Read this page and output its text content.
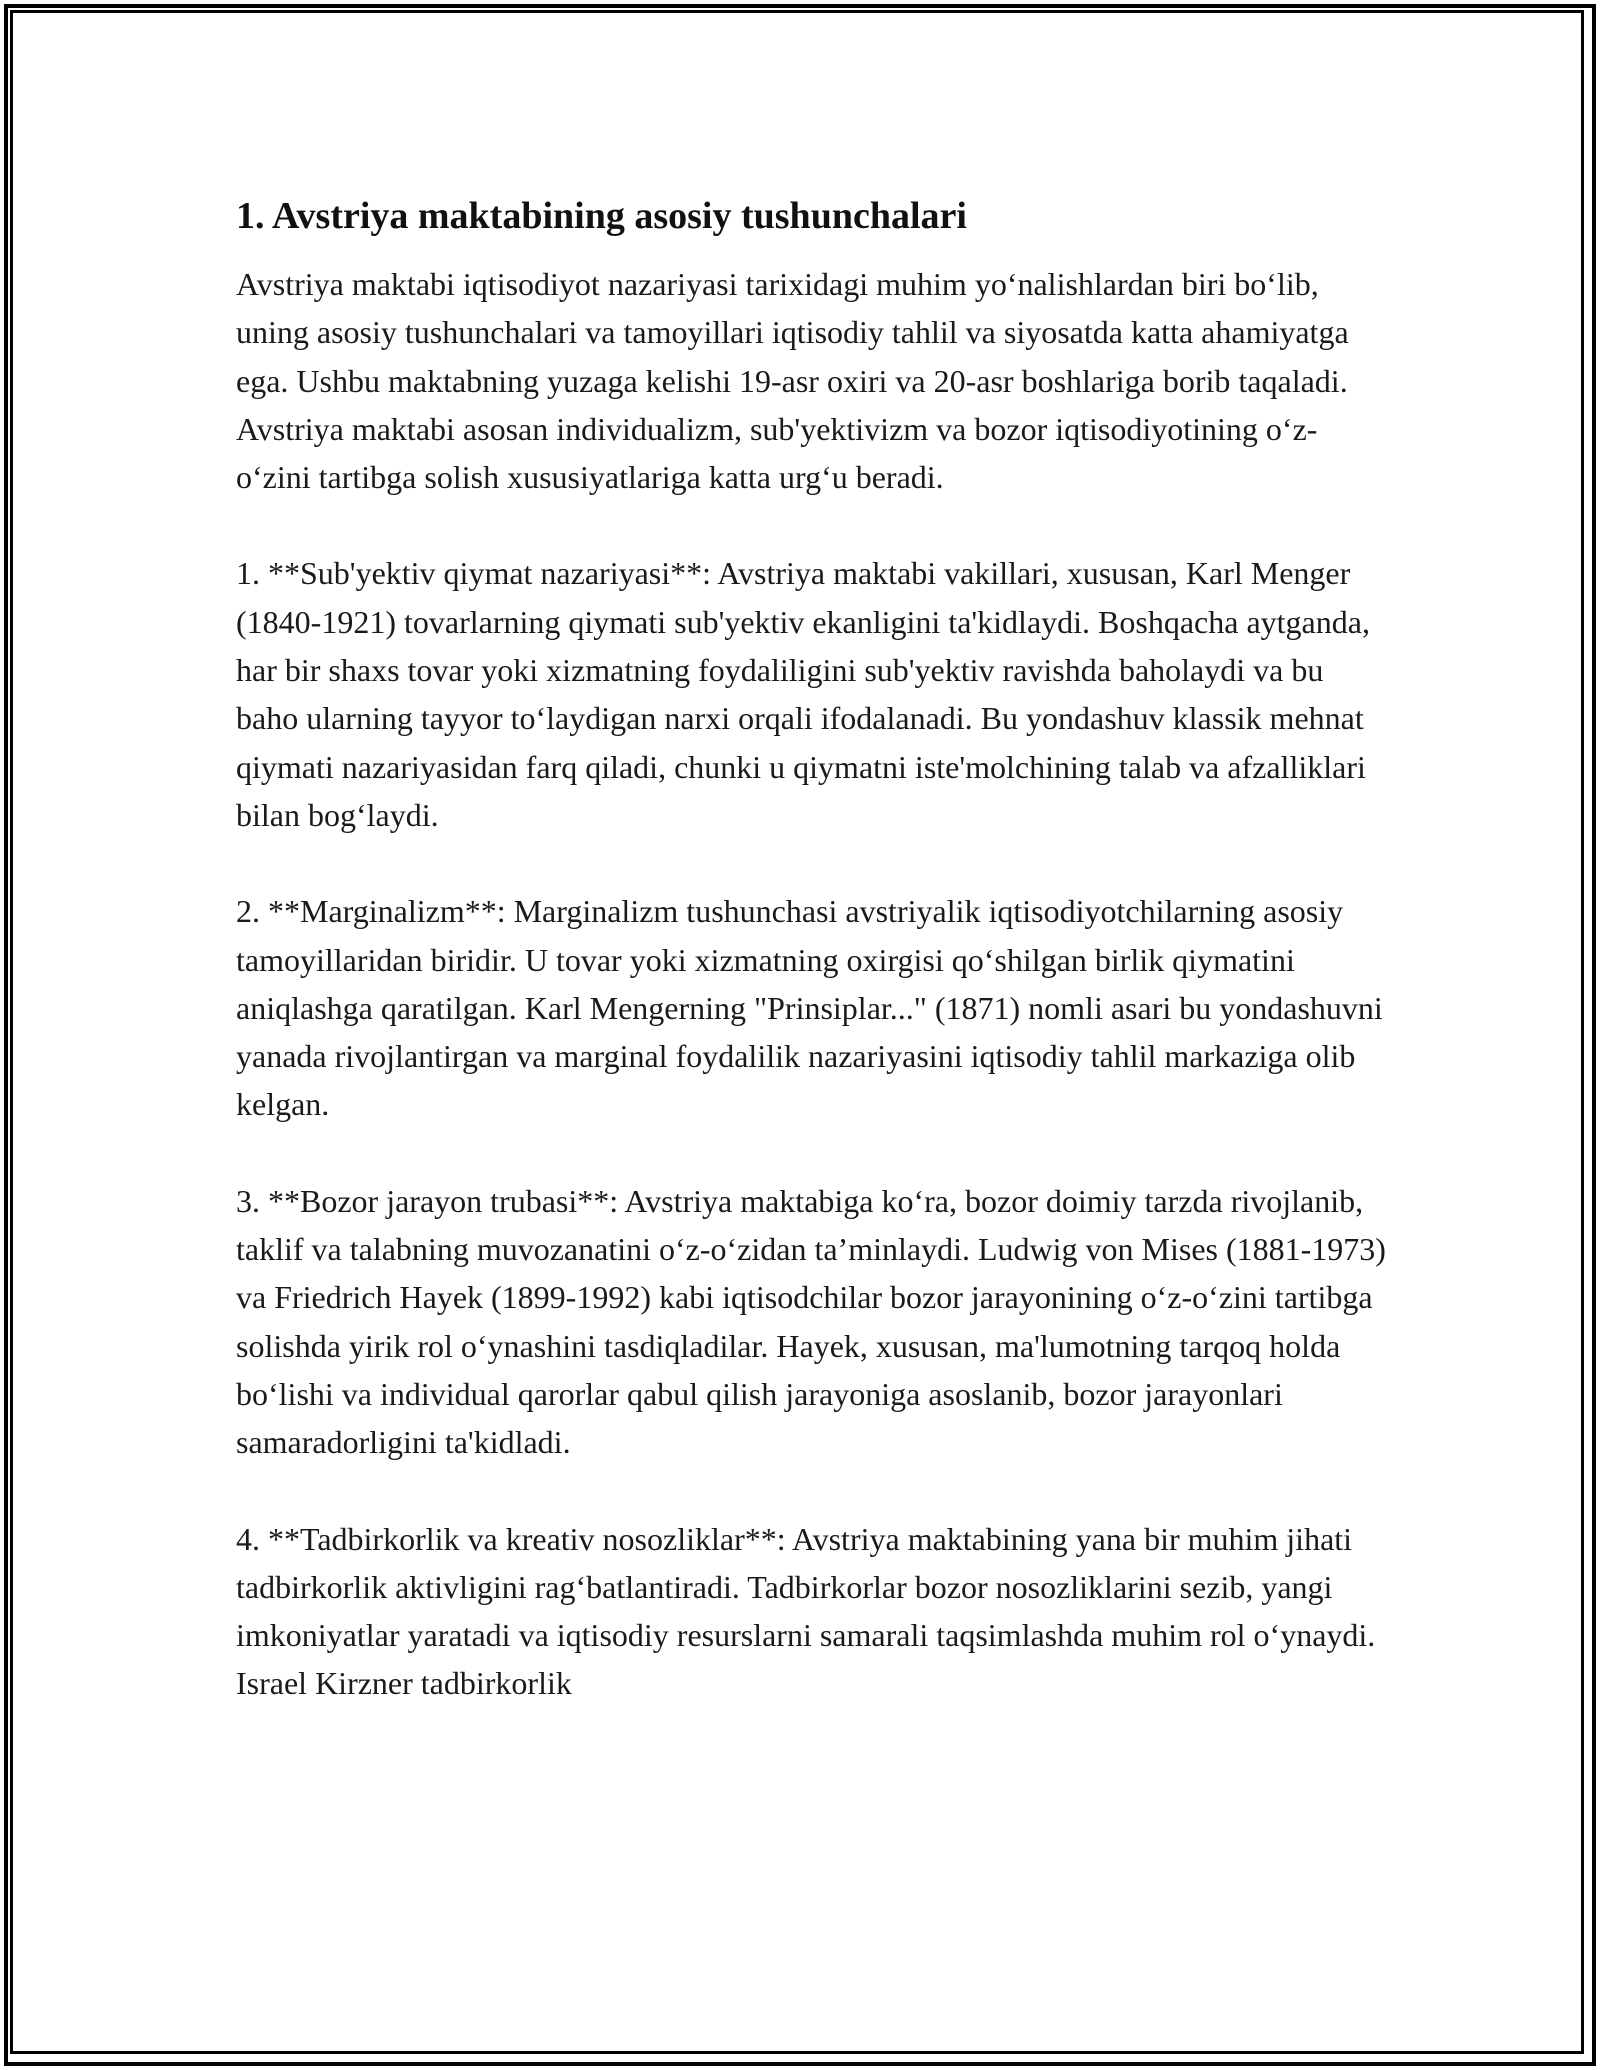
1. Avstriya maktabining asosiy tushunchalari

Avstriya maktabi iqtisodiyot nazariyasi tarixidagi muhim yo‘nalishlardan biri bo‘lib, uning asosiy tushunchalari va tamoyillari iqtisodiy tahlil va siyosatda katta ahamiyatga ega. Ushbu maktabning yuzaga kelishi 19-asr oxiri va 20-asr boshlariga borib taqaladi. Avstriya maktabi asosan individualizm, sub'yektivizm va bozor iqtisodiyotining o‘z-o‘zini tartibga solish xususiyatlariga katta urg‘u beradi.

1. **Sub'yektiv qiymat nazariyasi**: Avstriya maktabi vakillari, xususan, Karl Menger (1840-1921) tovarlarning qiymati sub'yektiv ekanligini ta'kidlaydi. Boshqacha aytganda, har bir shaxs tovar yoki xizmatning foydaliligini sub'yektiv ravishda baholaydi va bu baho ularning tayyor to‘laydigan narxi orqali ifodalanadi. Bu yondashuv klassik mehnat qiymati nazariyasidan farq qiladi, chunki u qiymatni iste'molchining talab va afzalliklari bilan bog‘laydi.

2. **Marginalizm**: Marginalizm tushunchasi avstriyalik iqtisodiyotchilarning asosiy tamoyillaridan biridir. U tovar yoki xizmatning oxirgisi qo‘shilgan birlik qiymatini aniqlashga qaratilgan. Karl Mengerning "Prinsiplar..." (1871) nomli asari bu yondashuvni yanada rivojlantirgan va marginal foydalilik nazariyasini iqtisodiy tahlil markaziga olib kelgan.

3. **Bozor jarayon trubasi**: Avstriya maktabiga ko‘ra, bozor doimiy tarzda rivojlanib, taklif va talabning muvozanatini o‘z-o‘zidan ta’minlaydi. Ludwig von Mises (1881-1973) va Friedrich Hayek (1899-1992) kabi iqtisodchilar bozor jarayonining o‘z-o‘zini tartibga solishda yirik rol o‘ynashini tasdiqladilar. Hayek, xususan, ma'lumotning tarqoq holda bo‘lishi va individual qarorlar qabul qilish jarayoniga asoslanib, bozor jarayonlari samaradorligini ta'kidladi.

4. **Tadbirkorlik va kreativ nosozliklar**: Avstriya maktabining yana bir muhim jihati tadbirkorlik aktivligini rag‘batlantiradi. Tadbirkorlar bozor nosozliklarini sezib, yangi imkoniyatlar yaratadi va iqtisodiy resurslarni samarali taqsimlashda muhim rol o‘ynaydi. Israel Kirzner tadbirkorlik
